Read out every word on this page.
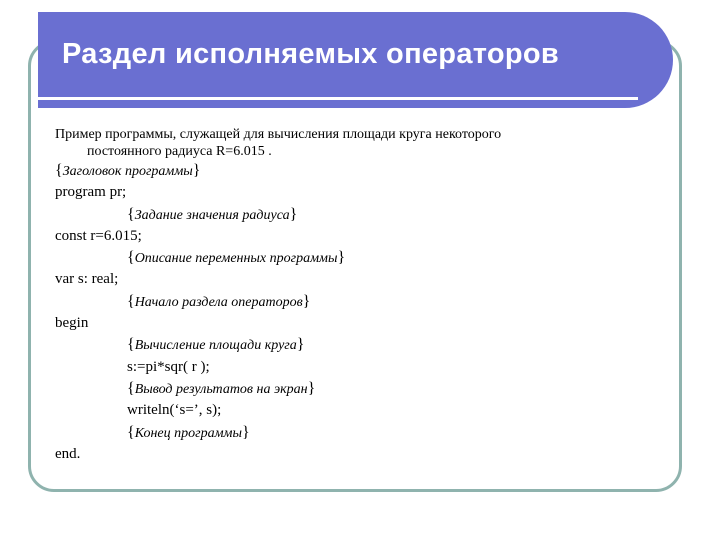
Раздел исполняемых операторов

Пример программы, служащей для вычисления площади круга некоторого
постоянного радиуса R=6.015 .

{Заголовок программы}

program pr;

{Задание значения радиуса}

const r=6.015;

{Описание переменных программы}

var s: real;

{Начало раздела операторов}

begin

{Вычисление площади круга}

s:=pi*sqr( r );

{Вывод результатов на экран}

writeln(‘s=’, s);

{Конец программы}

end.
